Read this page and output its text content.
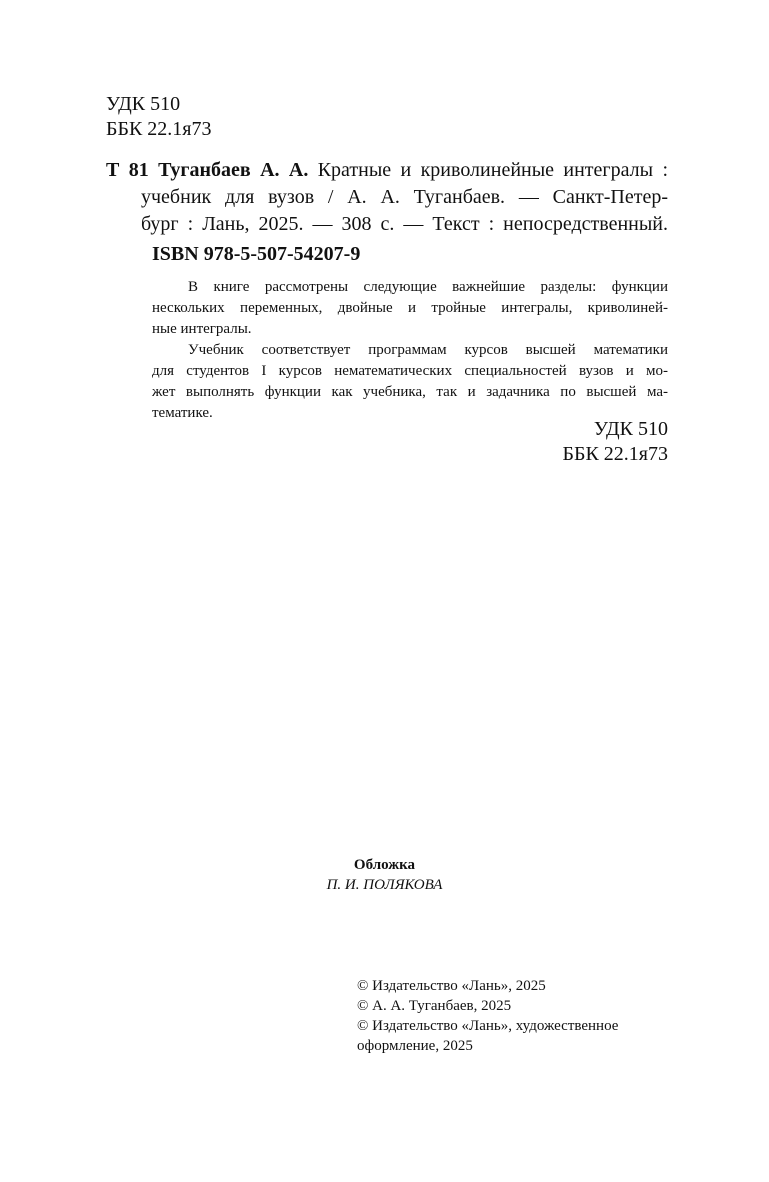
УДК 510
ББК 22.1я73
Т 81 Туганбаев А. А. Кратные и криволинейные интегралы :
учебник для вузов / А. А. Туганбаев. — Санкт-Петер-
бург : Лань, 2025. — 308 с. — Текст : непосредственный.
ISBN 978-5-507-54207-9
В книге рассмотрены следующие важнейшие разделы: функции
нескольких переменных, двойные и тройные интегралы, криволиней-
ные интегралы.
Учебник соответствует программам курсов высшей математики
для студентов I курсов нематематических специальностей вузов и мо-
жет выполнять функции как учебника, так и задачника по высшей ма-
тематике.
УДК 510
ББК 22.1я73
Обложка
П. И. ПОЛЯКОВА
© Издательство «Лань», 2025
© А. А. Туганбаев, 2025
© Издательство «Лань», художественное
оформление, 2025
